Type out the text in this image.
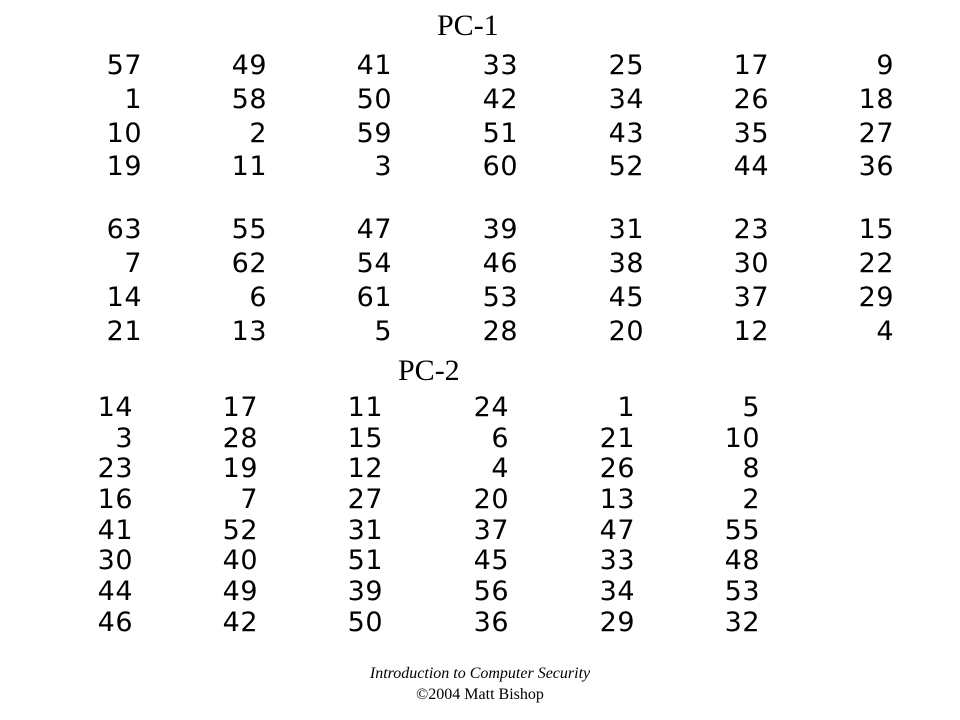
PC-1
57	49	41	33	25	17	9
1	58	50	42	34	26	18
10	2	59	51	43	35	27
19	11	3	60	52	44	36
63	55	47	39	31	23	15
7	62	54	46	38	30	22
14	6	61	53	45	37	29
21	13	5	28	20	12	4
PC-2
14	17	11	24	1	5
3	28	15	6	21	10
23	19	12	4	26	8
16	7	27	20	13	2
41	52	31	37	47	55
30	40	51	45	33	48
44	49	39	56	34	53
46	42	50	36	29	32
Introduction to Computer Security
©2004 Matt Bishop
